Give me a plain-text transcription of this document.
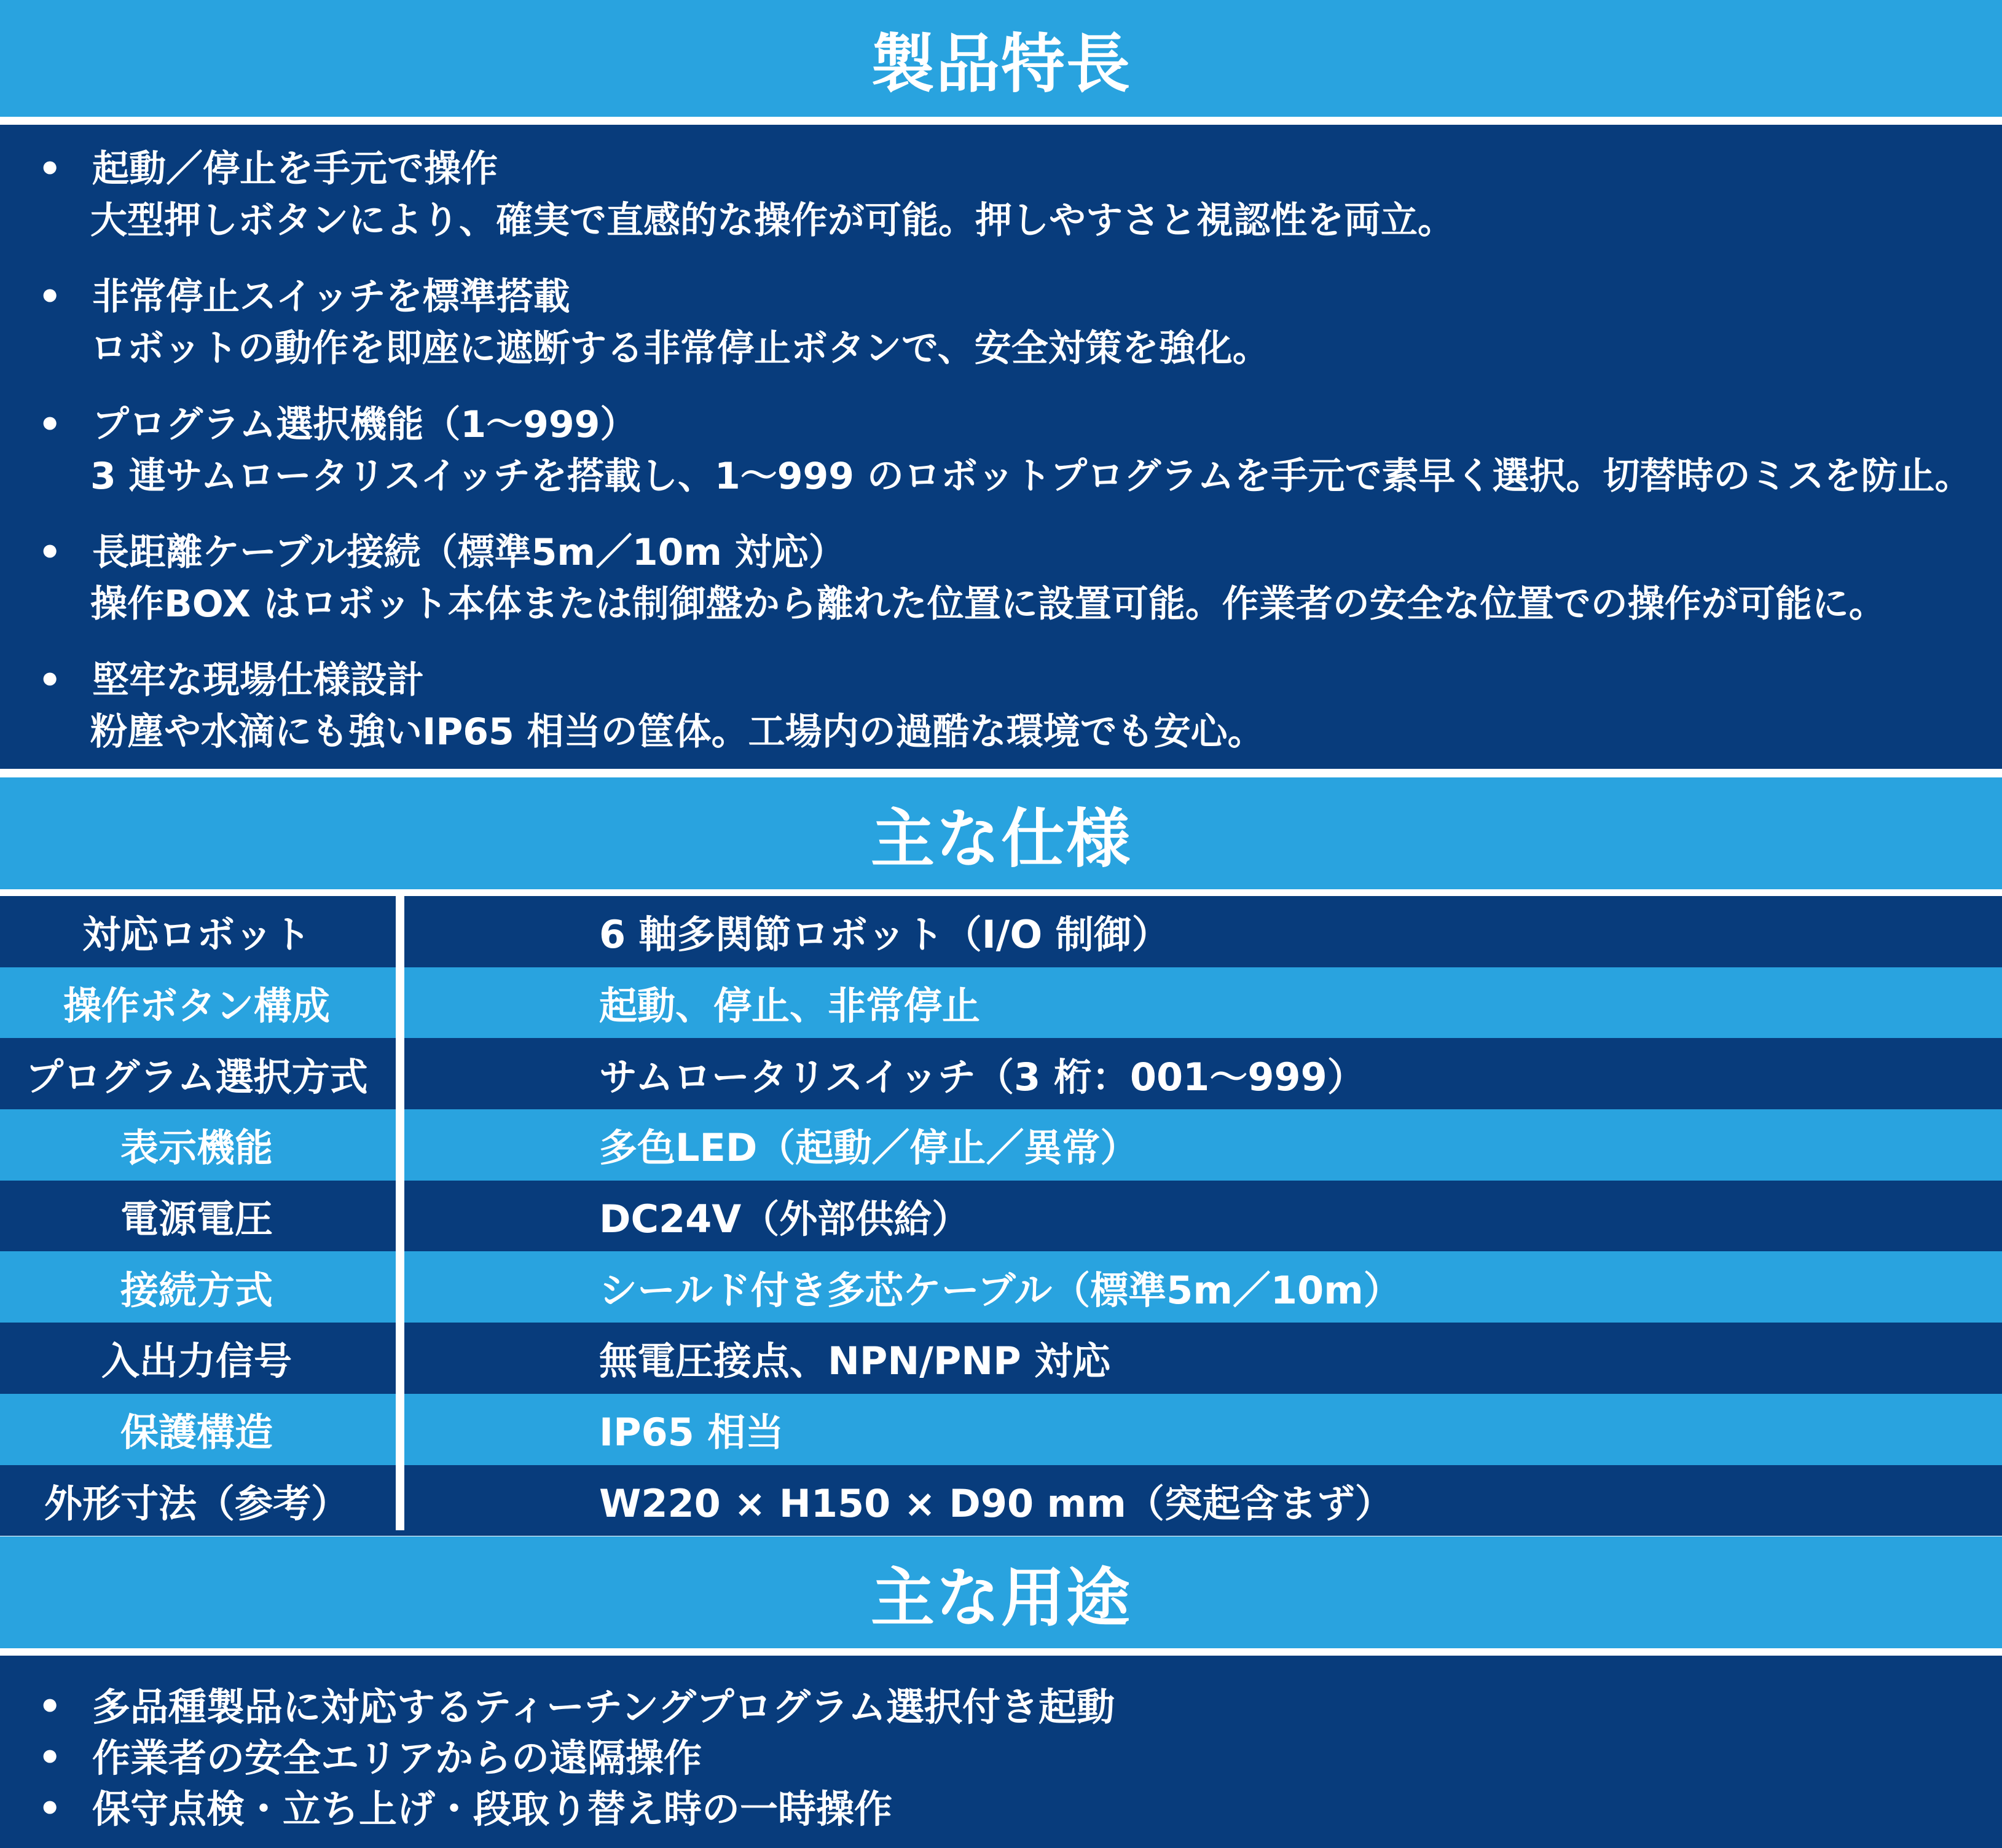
製品特長
• 起動／停止を手元で操作
大型押しボタンにより、確実で直感的な操作が可能。押しやすさと視認性を両立。
• 非常停止スイッチを標準搭載
ロボットの動作を即座に遮断する非常停止ボタンで、安全対策を強化。
• プログラム選択機能（1〜999）
3 連サムロータリスイッチを搭載し、1〜999 のロボットプログラムを手元で素早く選択。切替時のミスを防止。
• 長距離ケーブル接続（標準5m／10m 対応）
操作BOX はロボット本体または制御盤から離れた位置に設置可能。作業者の安全な位置での操作が可能に。
• 堅牢な現場仕様設計
粉塵や水滴にも強いIP65 相当の筐体。工場内の過酷な環境でも安心。
主な仕様
対応ロボット	6 軸多関節ロボット（I/O 制御）
操作ボタン構成	起動、停止、非常停止
プログラム選択方式	サムロータリスイッチ（3 桁：001〜999）
表示機能	多色LED（起動／停止／異常）
電源電圧	DC24V（外部供給）
接続方式	シールド付き多芯ケーブル（標準5m／10m）
入出力信号	無電圧接点、NPN/PNP 対応
保護構造	IP65 相当
外形寸法（参考）	W220 × H150 × D90 mm（突起含まず）
主な用途
• 多品種製品に対応するティーチングプログラム選択付き起動
• 作業者の安全エリアからの遠隔操作
• 保守点検・立ち上げ・段取り替え時の一時操作
